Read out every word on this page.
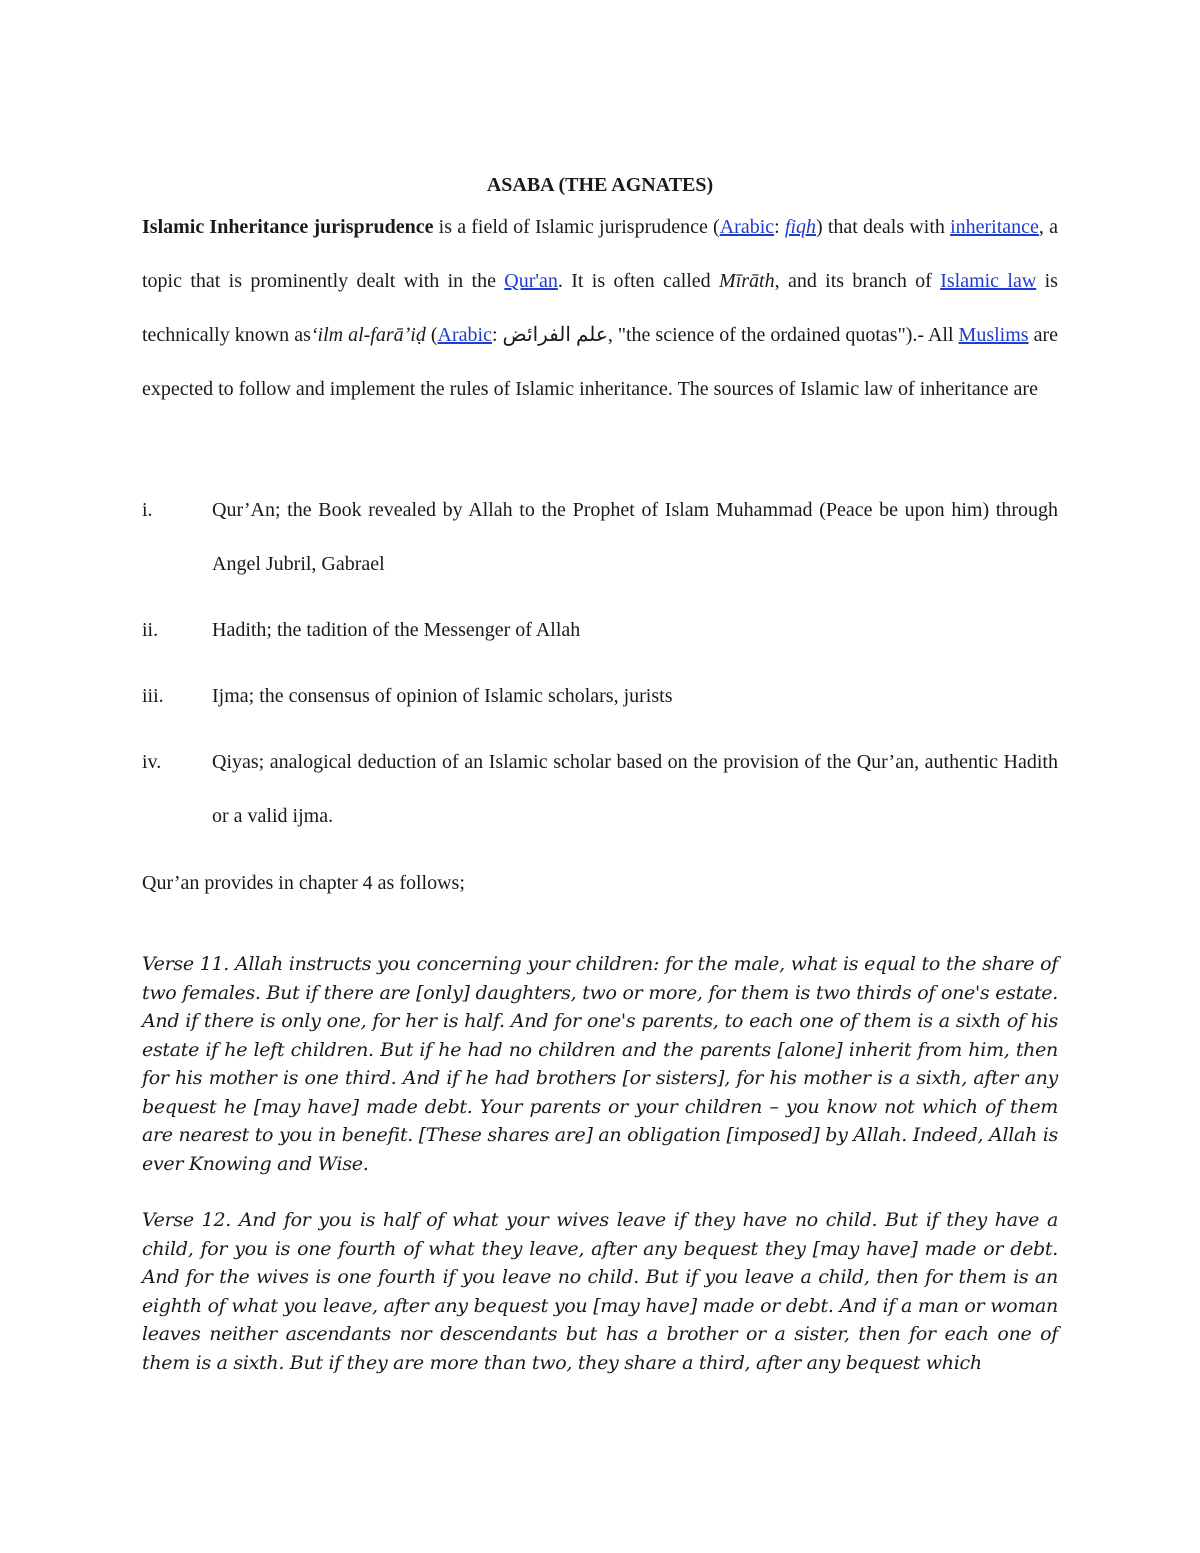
ASABA (THE AGNATES)
Islamic Inheritance jurisprudence is a field of Islamic jurisprudence (Arabic: fiqh) that deals with inheritance, a topic that is prominently dealt with in the Qur'an. It is often called Mīrāth, and its branch of Islamic law is technically known asʻilm al-farāʼiḍ (Arabic: علم الفرائض, "the science of the ordained quotas").- All Muslims are expected to follow and implement the rules of Islamic inheritance. The sources of Islamic law of inheritance are
i.	Qur’An; the Book revealed by Allah to the Prophet of Islam Muhammad (Peace be upon him) through Angel Jubril, Gabrael
ii.	Hadith; the tadition of the Messenger of Allah
iii. Ijma; the consensus of opinion of Islamic scholars, jurists
iv.	Qiyas; analogical deduction of an Islamic scholar based on the provision of the Qur’an, authentic Hadith or a valid ijma.
Qur’an provides in chapter 4 as follows;
Verse 11. Allah instructs you concerning your children: for the male, what is equal to the share of two females. But if there are [only] daughters, two or more, for them is two thirds of one's estate. And if there is only one, for her is half. And for one's parents, to each one of them is a sixth of his estate if he left children. But if he had no children and the parents [alone] inherit from him, then for his mother is one third. And if he had brothers [or sisters], for his mother is a sixth, after any bequest he [may have] made debt. Your parents or your children – you know not which of them are nearest to you in benefit. [These shares are] an obligation [imposed] by Allah. Indeed, Allah is ever Knowing and Wise.
Verse 12. And for you is half of what your wives leave if they have no child. But if they have a child, for you is one fourth of what they leave, after any bequest they [may have] made or debt. And for the wives is one fourth if you leave no child. But if you leave a child, then for them is an eighth of what you leave, after any bequest you [may have] made or debt. And if a man or woman leaves neither ascendants nor descendants but has a brother or a sister, then for each one of them is a sixth. But if they are more than two, they share a third, after any bequest which
